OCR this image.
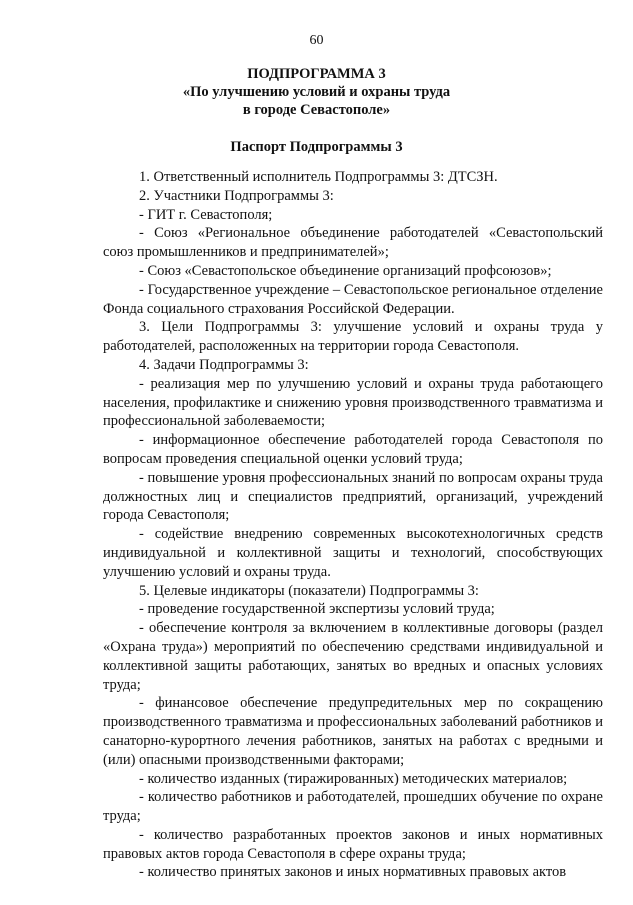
60
ПОДПРОГРАММА 3
«По улучшению условий и охраны труда
в городе Севастополе»
Паспорт Подпрограммы 3

1. Ответственный исполнитель Подпрограммы 3: ДТСЗН.

2. Участники Подпрограммы 3:

- ГИТ г. Севастополя;

- Союз «Региональное объединение работодателей «Севастопольский союз промышленников и предпринимателей»;

- Союз «Севастопольское объединение организаций профсоюзов»;

- Государственное учреждение – Севастопольское региональное отделение Фонда социального страхования Российской Федерации.

3. Цели Подпрограммы 3: улучшение условий и охраны труда у работодателей, расположенных на территории города Севастополя.

4. Задачи Подпрограммы 3:

- реализация мер по улучшению условий и охраны труда работающего населения, профилактике и снижению уровня производственного травматизма и профессиональной заболеваемости;

- информационное обеспечение работодателей города Севастополя по вопросам проведения специальной оценки условий труда;

- повышение уровня профессиональных знаний по вопросам охраны труда должностных лиц и специалистов предприятий, организаций, учреждений города Севастополя;

- содействие внедрению современных высокотехнологичных средств индивидуальной и коллективной защиты и технологий, способствующих улучшению условий и охраны труда.

5. Целевые индикаторы (показатели) Подпрограммы 3:

- проведение государственной экспертизы условий труда;

- обеспечение контроля за включением в коллективные договоры (раздел «Охрана труда») мероприятий по обеспечению средствами индивидуальной и коллективной защиты работающих, занятых во вредных и опасных условиях труда;

- финансовое обеспечение предупредительных мер по сокращению производственного травматизма и профессиональных заболеваний работников и санаторно-курортного лечения работников, занятых на работах с вредными и (или) опасными производственными факторами;

- количество изданных (тиражированных) методических материалов;

- количество работников и работодателей, прошедших обучение по охране труда;

- количество разработанных проектов законов и иных нормативных правовых актов города Севастополя в сфере охраны труда;

- количество принятых законов и иных нормативных правовых актов
